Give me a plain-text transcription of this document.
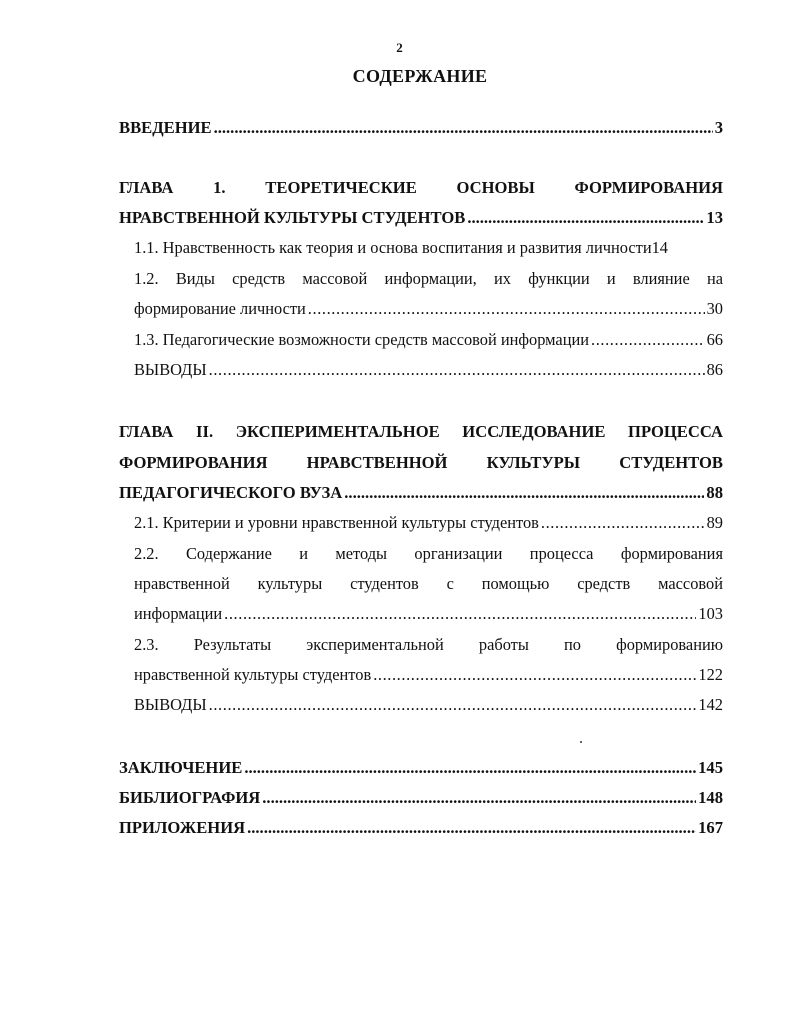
2
СОДЕРЖАНИЕ
ВВЕДЕНИЕ .....	3
ГЛАВА 1. ТЕОРЕТИЧЕСКИЕ ОСНОВЫ ФОРМИРОВАНИЯ
НРАВСТВЕННОЙ КУЛЬТУРЫ СТУДЕНТОВ .....	13
1.1. Нравственность как теория и основа воспитания и развития личности 14
1.2. Виды средств массовой информации, их функции и влияние на
формирование личности .....	30
1.3. Педагогические возможности средств массовой информации .....	66
ВЫВОДЫ .....	86
ГЛАВА II. ЭКСПЕРИМЕНТАЛЬНОЕ ИССЛЕДОВАНИЕ ПРОЦЕССА
ФОРМИРОВАНИЯ НРАВСТВЕННОЙ КУЛЬТУРЫ СТУДЕНТОВ
ПЕДАГОГИЧЕСКОГО ВУЗА .....	88
2.1. Критерии и уровни нравственной культуры студентов .....	89
2.2. Содержание и методы организации процесса формирования
нравственной культуры студентов с помощью средств массовой
информации .....	103
2.3. Результаты экспериментальной работы по формированию
нравственной культуры студентов .....	122
ВЫВОДЫ .....	142
ЗАКЛЮЧЕНИЕ .....	145
БИБЛИОГРАФИЯ .....	148
ПРИЛОЖЕНИЯ .....	167
